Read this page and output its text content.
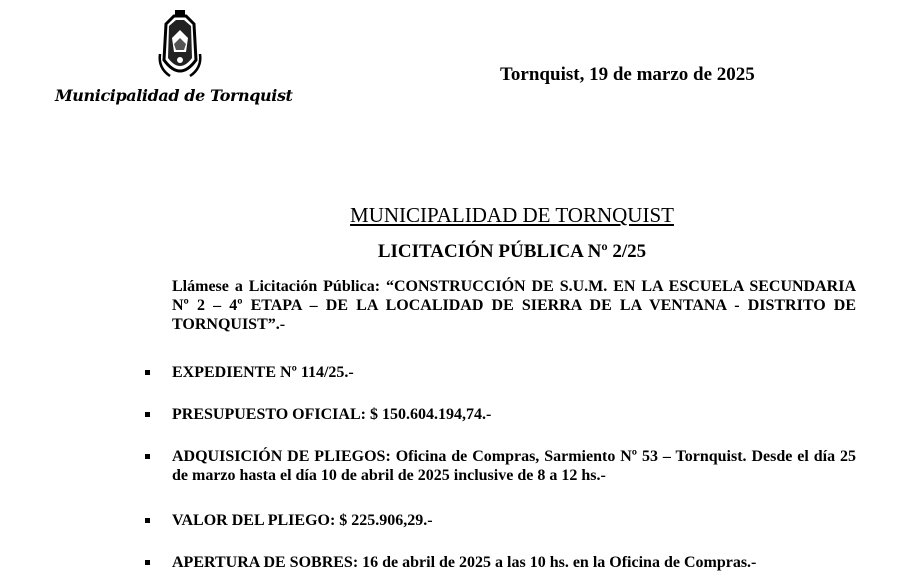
Municipalidad de Tornquist
Tornquist, 19 de marzo de 2025
MUNICIPALIDAD DE TORNQUIST
LICITACIÓN PÚBLICA Nº 2/25

Llámese a Licitación Pública: “CONSTRUCCIÓN DE S.U.M. EN LA ESCUELA SECUNDARIA Nº 2 – 4º ETAPA – DE LA LOCALIDAD DE SIERRA DE LA VENTANA - DISTRITO DE TORNQUIST”.-

EXPEDIENTE Nº 114/25.-
PRESUPUESTO OFICIAL: $ 150.604.194,74.-
ADQUISICIÓN DE PLIEGOS: Oficina de Compras, Sarmiento Nº 53 – Tornquist. Desde el día 25 de marzo hasta el día 10 de abril de 2025 inclusive de 8 a 12 hs.-
VALOR DEL PLIEGO: $ 225.906,29.-
APERTURA DE SOBRES: 16 de abril de 2025 a las 10 hs. en la Oficina de Compras.-
